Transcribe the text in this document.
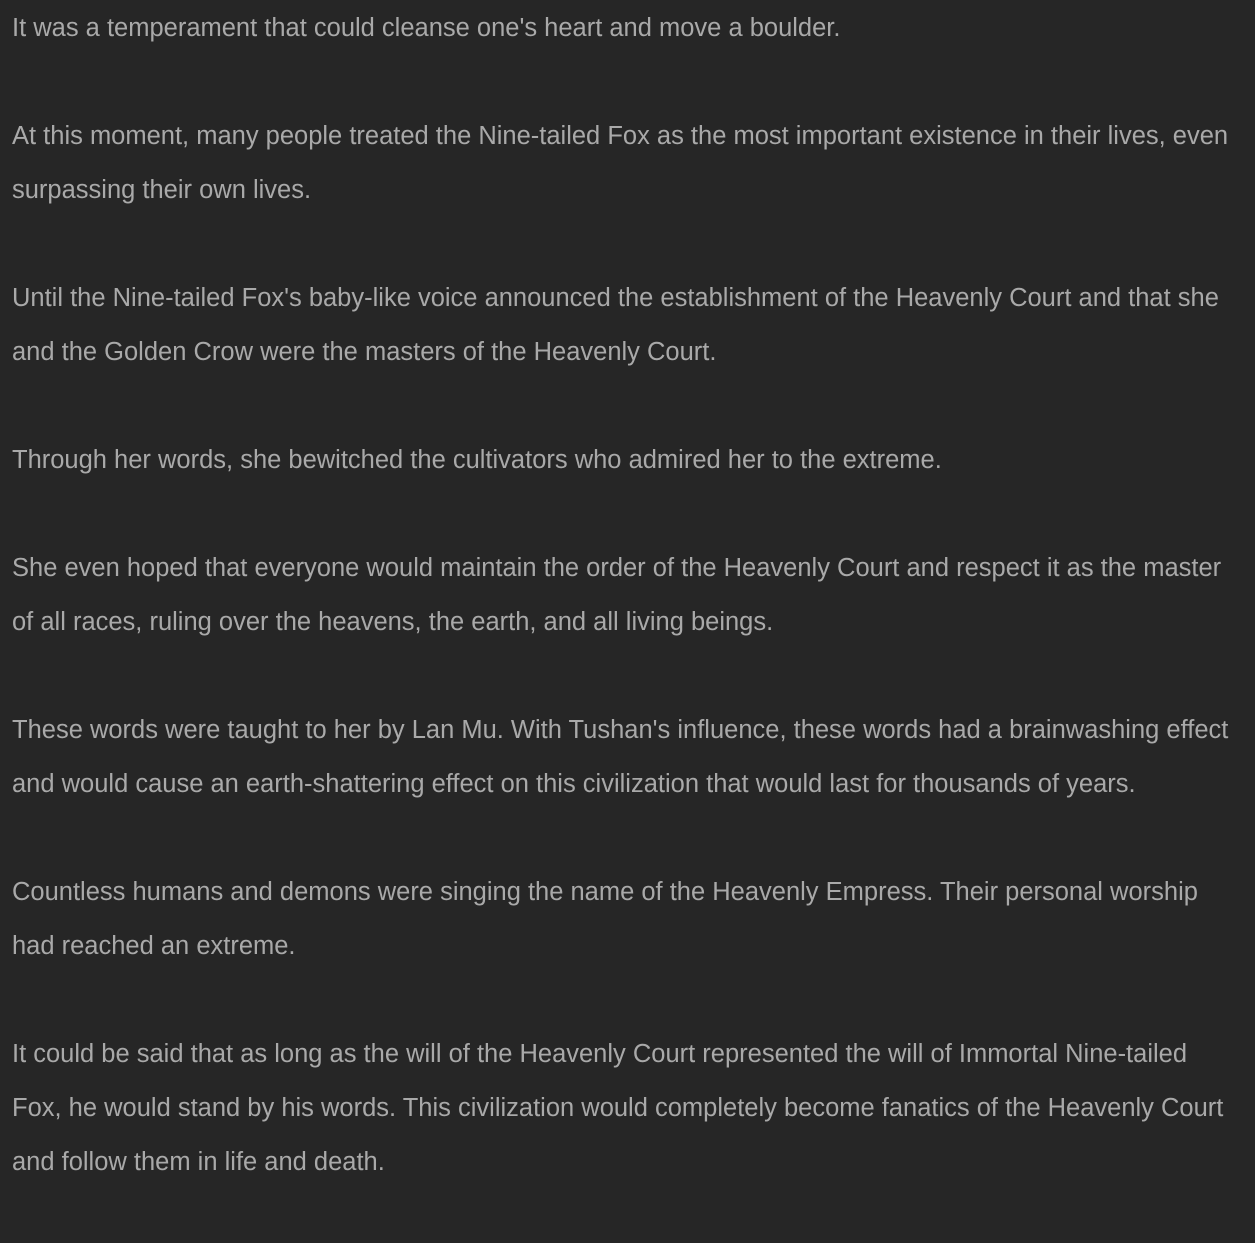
It was a temperament that could cleanse one's heart and move a boulder.

At this moment, many people treated the Nine-tailed Fox as the most important existence in their lives, even surpassing their own lives.

Until the Nine-tailed Fox's baby-like voice announced the establishment of the Heavenly Court and that she and the Golden Crow were the masters of the Heavenly Court.

Through her words, she bewitched the cultivators who admired her to the extreme.

She even hoped that everyone would maintain the order of the Heavenly Court and respect it as the master of all races, ruling over the heavens, the earth, and all living beings.

These words were taught to her by Lan Mu. With Tushan's influence, these words had a brainwashing effect and would cause an earth-shattering effect on this civilization that would last for thousands of years.

Countless humans and demons were singing the name of the Heavenly Empress. Their personal worship had reached an extreme.

It could be said that as long as the will of the Heavenly Court represented the will of Immortal Nine-tailed Fox, he would stand by his words. This civilization would completely become fanatics of the Heavenly Court and follow them in life and death.
